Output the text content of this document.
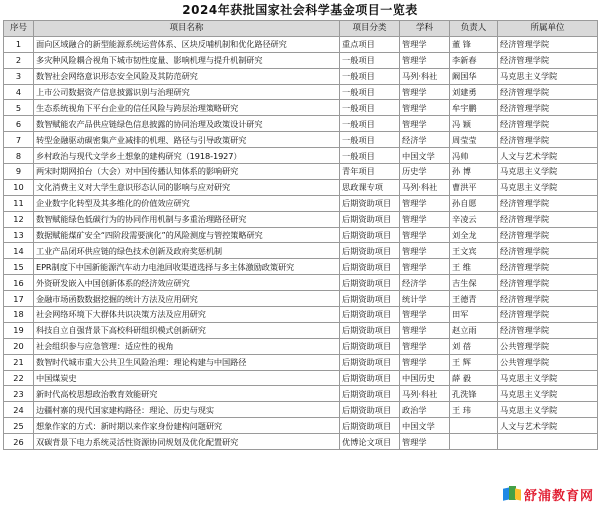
2024年获批国家社会科学基金项目一览表
序号	项目名称	项目分类	学科	负责人	所属单位
1	面向区域融合的新型能源系统运营体系、区块反哺机制和优化路径研究	重点项目	管理学	董 锋	经济管理学院
2	多灾种风险耦合视角下城市韧性度量、影响机理与提升机制研究	一般项目	管理学	李新春	经济管理学院
3	数智社会网络意识形态安全风险及其防范研究	一般项目	马列·科社	阚国华	马克思主义学院
4	上市公司数据资产信息披露识别与治理研究	一般项目	管理学	刘建勇	经济管理学院
5	生态系统视角下平台企业的信任风险与跨层治理策略研究	一般项目	管理学	牟宇鹏	经济管理学院
6	数智赋能农产品供应链绿色信息披露的协同治理及政策设计研究	一般项目	管理学	冯 颖	经济管理学院
7	转型金融驱动碳密集产业减排的机理、路径与引导政策研究	一般项目	经济学	周莹莹	经济管理学院
8	乡村政治与现代文学乡土想象的建构研究（1918-1927）	一般项目	中国文学	冯帅	人文与艺术学院
9	两宋时期网拍台（大会）对中国传播认知体系的影响研究	青年项目	历史学	孙 博	马克思主义学院
10	文化消费主义对大学生意识形态认同的影响与应对研究	思政课专项	马列·科社	曹洪平	马克思主义学院
11	企业数字化转型及其多维化的价值效应研究	后期资助项目	管理学	孙自愿	经济管理学院
12	数智赋能绿色低碳行为的协同作用机制与多重治理路径研究	后期资助项目	管理学	辛凌云	经济管理学院
13	数据赋能煤矿安全“四阶段需要演化”的风险测度与管控策略研究	后期资助项目	管理学	刘全龙	经济管理学院
14	工业产品闭环供应链的绿色技术创新及政府奖惩机制	后期资助项目	管理学	王文宾	经济管理学院
15	EPR制度下中国新能源汽车动力电池回收渠道选择与多主体激励政策研究	后期资助项目	管理学	王 维	经济管理学院
16	外资研发嵌入中国创新体系的经济效应研究	后期资助项目	经济学	吉生保	经济管理学院
17	金融市场函数数据挖掘的统计方法及应用研究	后期资助项目	统计学	王德青	经济管理学院
18	社会网络环境下大群体共识决策方法及应用研究	后期资助项目	管理学	田军	经济管理学院
19	科技自立自强背景下高校科研组织模式创新研究	后期资助项目	管理学	赵立雨	经济管理学院
20	社会组织参与应急管理：适应性的视角	后期资助项目	管理学	刘 蓓	公共管理学院
21	数智时代城市重大公共卫生风险治理：理论构建与中国路径	后期资助项目	管理学	王 辉	公共管理学院
22	中国煤炭史	后期资助项目	中国历史	薛 毅	马克思主义学院
23	新时代高校思想政治教育效能研究	后期资助项目	马列·科社	孔洗锋	马克思主义学院
24	边疆村寨的现代国家建构路径：理论、历史与现实	后期资助项目	政治学	王 玮	马克思主义学院
25	想象作家的方式：新时期以来作家身份建构问题研究	后期资助项目	中国文学		人文与艺术学院
26	双碳背景下电力系统灵活性资源协同规划及优化配置研究	优博论文项目	管理学		
舒浦教育网
